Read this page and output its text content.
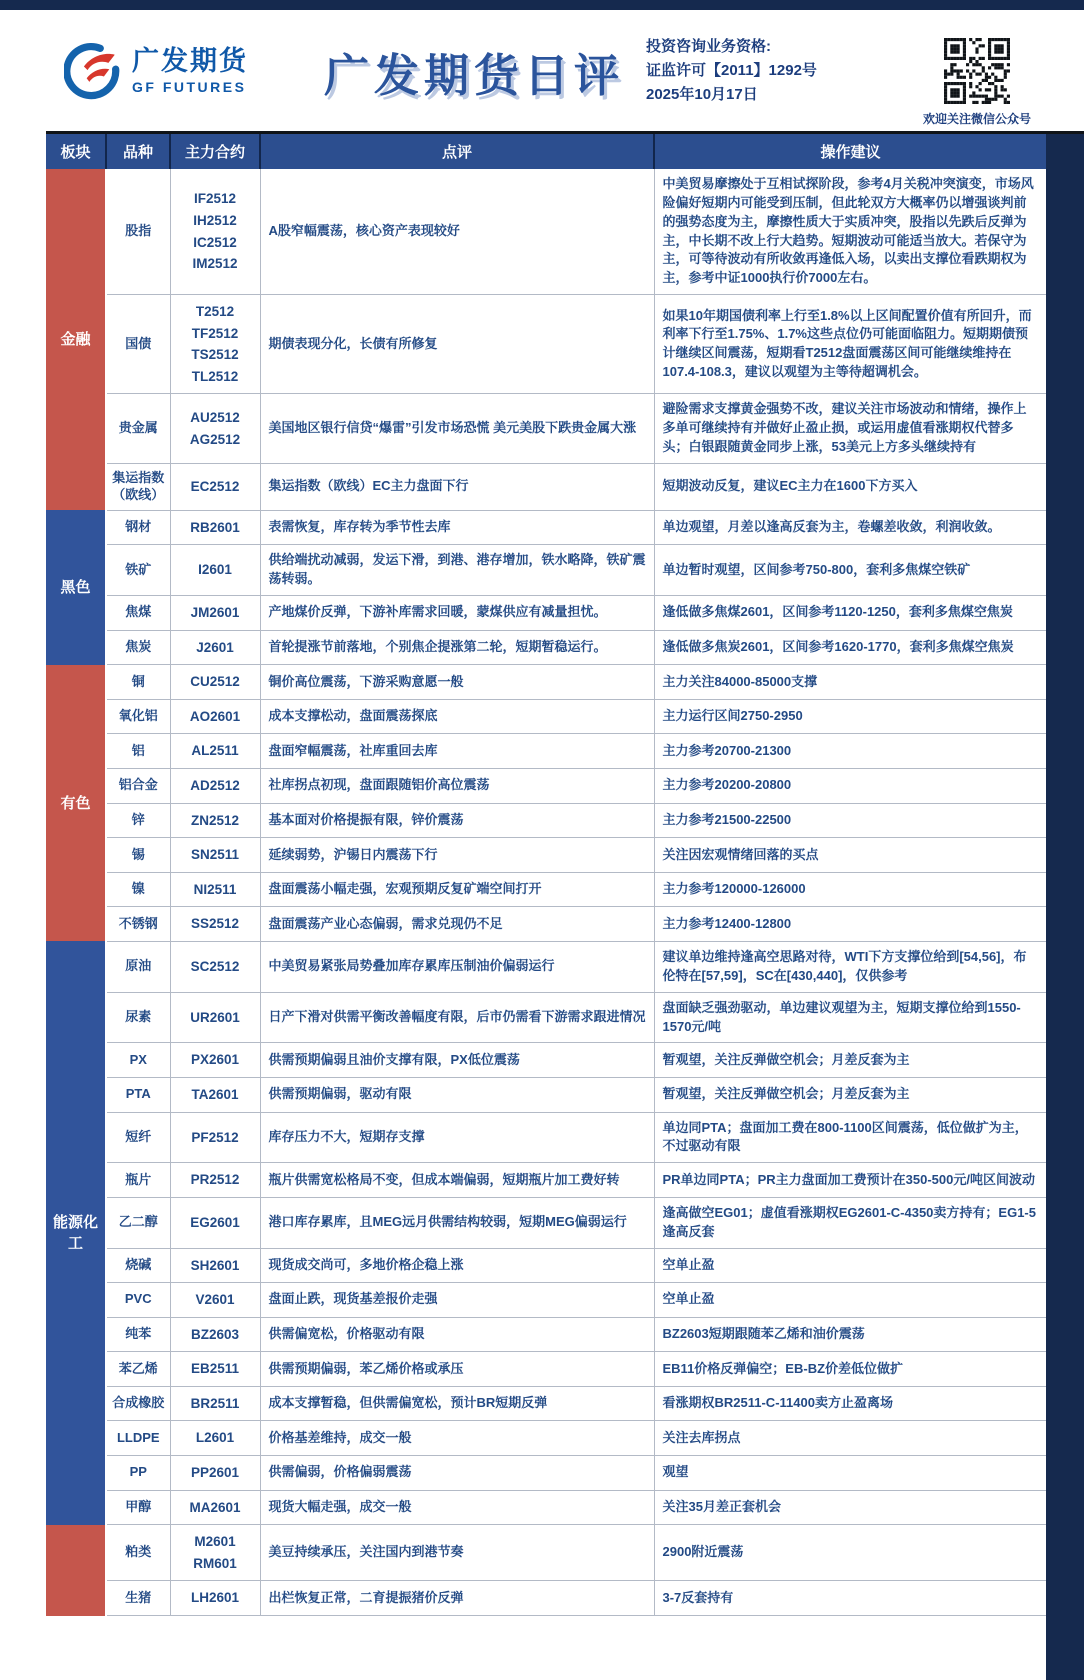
广发期货
GF FUTURES 广发期货日评
投资咨询业务资格:
证监许可【2011】1292号
2025年10月17日
欢迎关注微信公众号
板块	品种	主力合约	点评	操作建议
金融	股指	IF2512
IH2512
IC2512
IM2512	A股窄幅震荡，核心资产表现较好	中美贸易摩擦处于互相试探阶段，参考4月关税冲突演变，市场风险偏好短期内可能受到压制，但此轮双方大概率仍以增强谈判前的强势态度为主，摩擦性质大于实质冲突，股指以先跌后反弹为主，中长期不改上行大趋势。短期波动可能适当放大。若保守为主，可等待波动有所收敛再逢低入场，以卖出支撑位看跌期权为主，参考中证1000执行价7000左右。
	国债	T2512
TF2512
TS2512
TL2512	期债表现分化，长债有所修复	如果10年期国债利率上行至1.8%以上区间配置价值有所回升，而利率下行至1.75%、1.7%这些点位仍可能面临阻力。短期期债预计继续区间震荡，短期看T2512盘面震荡区间可能继续维持在107.4-108.3，建议以观望为主等待超调机会。
	贵金属	AU2512
AG2512	美国地区银行信贷“爆雷”引发市场恐慌 美元美股下跌贵金属大涨	避险需求支撑黄金强势不改，建议关注市场波动和情绪，操作上多单可继续持有并做好止盈止损，或运用虚值看涨期权代替多头；白银跟随黄金同步上涨，53美元上方多头继续持有
	集运指数（欧线）	EC2512	集运指数（欧线）EC主力盘面下行	短期波动反复，建议EC主力在1600下方买入
黑色	钢材	RB2601	表需恢复，库存转为季节性去库	单边观望，月差以逢高反套为主，卷螺差收敛，利润收敛。
	铁矿	I2601	供给端扰动减弱，发运下滑，到港、港存增加，铁水略降，铁矿震荡转弱。	单边暂时观望，区间参考750-800，套利多焦煤空铁矿
	焦煤	JM2601	产地煤价反弹，下游补库需求回暖，蒙煤供应有减量担忧。	逢低做多焦煤2601，区间参考1120-1250，套利多焦煤空焦炭
	焦炭	J2601	首轮提涨节前落地，个别焦企提涨第二轮，短期暂稳运行。	逢低做多焦炭2601，区间参考1620-1770，套利多焦煤空焦炭
有色	铜	CU2512	铜价高位震荡，下游采购意愿一般	主力关注84000-85000支撑
	氧化铝	AO2601	成本支撑松动，盘面震荡探底	主力运行区间2750-2950
	铝	AL2511	盘面窄幅震荡，社库重回去库	主力参考20700-21300
	铝合金	AD2512	社库拐点初现，盘面跟随铝价高位震荡	主力参考20200-20800
	锌	ZN2512	基本面对价格提振有限，锌价震荡	主力参考21500-22500
	锡	SN2511	延续弱势，沪锡日内震荡下行	关注因宏观情绪回落的买点
	镍	NI2511	盘面震荡小幅走强，宏观预期反复矿端空间打开	主力参考120000-126000
	不锈钢	SS2512	盘面震荡产业心态偏弱，需求兑现仍不足	主力参考12400-12800
能源化工	原油	SC2512	中美贸易紧张局势叠加库存累库压制油价偏弱运行	建议单边维持逢高空思路对待，WTI下方支撑位给到[54,56]，布伦特在[57,59]，SC在[430,440]，仅供参考
	尿素	UR2601	日产下滑对供需平衡改善幅度有限，后市仍需看下游需求跟进情况	盘面缺乏强劲驱动，单边建议观望为主，短期支撑位给到1550-1570元/吨
	PX	PX2601	供需预期偏弱且油价支撑有限，PX低位震荡	暂观望，关注反弹做空机会；月差反套为主
	PTA	TA2601	供需预期偏弱，驱动有限	暂观望，关注反弹做空机会；月差反套为主
	短纤	PF2512	库存压力不大，短期存支撑	单边同PTA；盘面加工费在800-1100区间震荡，低位做扩为主，不过驱动有限
	瓶片	PR2512	瓶片供需宽松格局不变，但成本端偏弱，短期瓶片加工费好转	PR单边同PTA；PR主力盘面加工费预计在350-500元/吨区间波动
	乙二醇	EG2601	港口库存累库，且MEG远月供需结构较弱，短期MEG偏弱运行	逢高做空EG01；虚值看涨期权EG2601-C-4350卖方持有；EG1-5逢高反套
	烧碱	SH2601	现货成交尚可，多地价格企稳上涨	空单止盈
	PVC	V2601	盘面止跌，现货基差报价走强	空单止盈
	纯苯	BZ2603	供需偏宽松，价格驱动有限	BZ2603短期跟随苯乙烯和油价震荡
	苯乙烯	EB2511	供需预期偏弱，苯乙烯价格或承压	EB11价格反弹偏空；EB-BZ价差低位做扩
	合成橡胶	BR2511	成本支撑暂稳，但供需偏宽松，预计BR短期反弹	看涨期权BR2511-C-11400卖方止盈离场
	LLDPE	L2601	价格基差维持，成交一般	关注去库拐点
	PP	PP2601	供需偏弱，价格偏弱震荡	观望
	甲醇	MA2601	现货大幅走强，成交一般	关注35月差正套机会
	粕类	M2601
RM601	美豆持续承压，关注国内到港节奏	2900附近震荡
	生猪	LH2601	出栏恢复正常，二育提振猪价反弹	3-7反套持有
